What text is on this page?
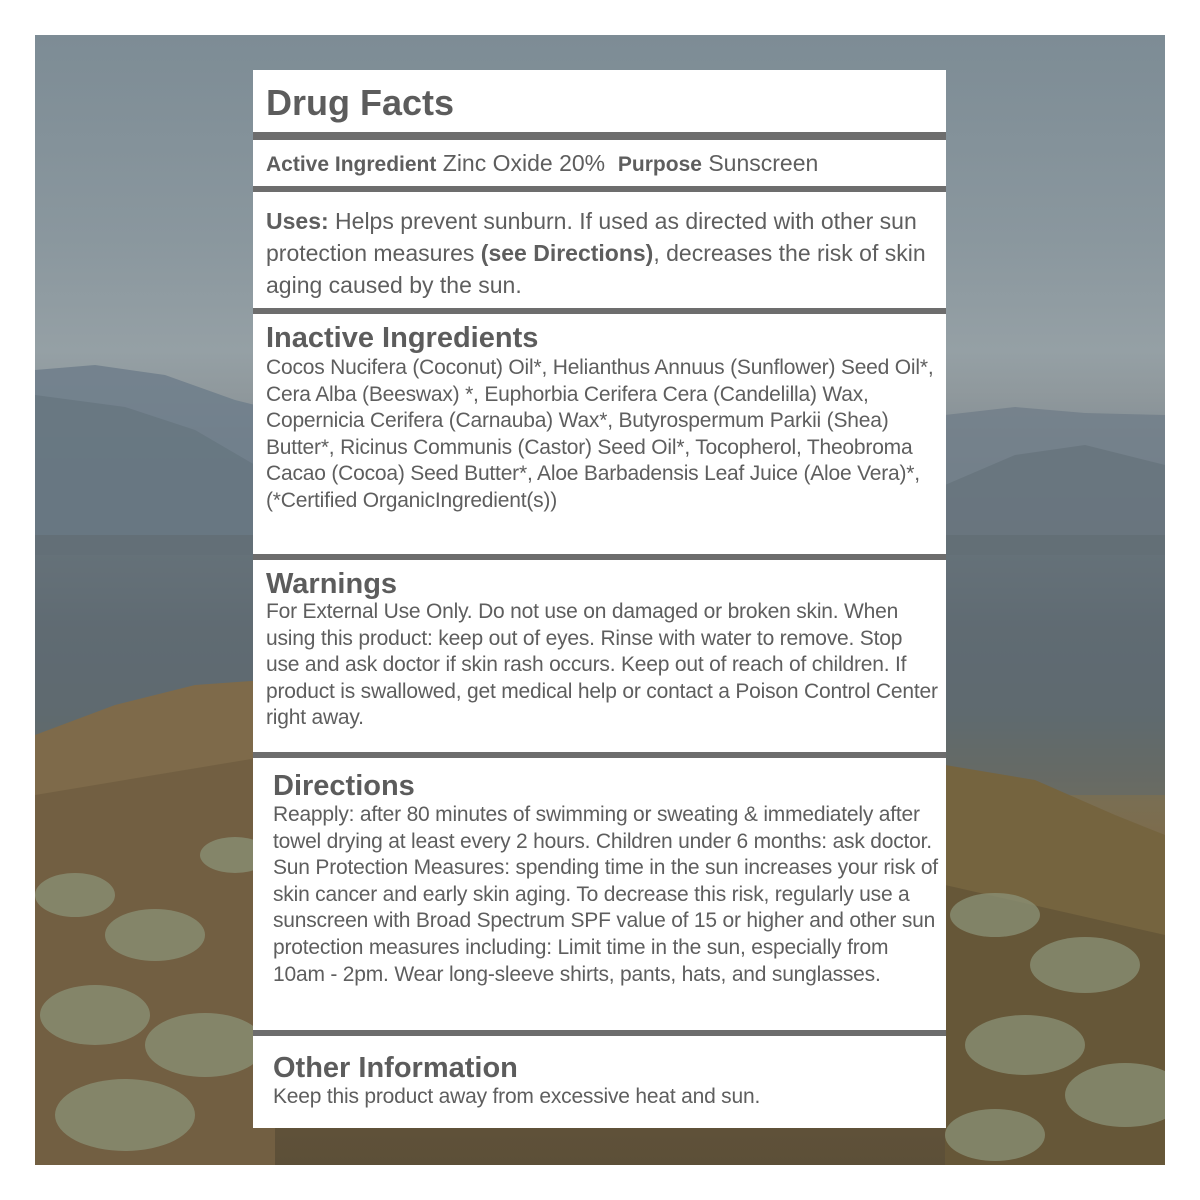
Drug Facts
Active Ingredient Zinc Oxide 20% Purpose Sunscreen
Uses: Helps prevent sunburn. If used as directed with other sun protection measures (see Directions), decreases the risk of skin aging caused by the sun.
Inactive Ingredients
Cocos Nucifera (Coconut) Oil*, Helianthus Annuus (Sunflower) Seed Oil*, Cera Alba (Beeswax) *, Euphorbia Cerifera Cera (Candelilla) Wax, Copernicia Cerifera (Carnauba) Wax*, Butyrospermum Parkii (Shea) Butter*, Ricinus Communis (Castor) Seed Oil*, Tocopherol, Theobroma Cacao (Cocoa) Seed Butter*, Aloe Barbadensis Leaf Juice (Aloe Vera)*, (*Certified OrganicIngredient(s))
Warnings
For External Use Only. Do not use on damaged or broken skin. When using this product: keep out of eyes. Rinse with water to remove. Stop use and ask doctor if skin rash occurs. Keep out of reach of children. If product is swallowed, get medical help or contact a Poison Control Center right away.
Directions
Reapply: after 80 minutes of swimming or sweating & immediately after towel drying at least every 2 hours. Children under 6 months: ask doctor. Sun Protection Measures: spending time in the sun increases your risk of skin cancer and early skin aging. To decrease this risk, regularly use a sunscreen with Broad Spectrum SPF value of 15 or higher and other sun protection measures including: Limit time in the sun, especially from 10am - 2pm. Wear long-sleeve shirts, pants, hats, and sunglasses.
Other Information
Keep this product away from excessive heat and sun.
